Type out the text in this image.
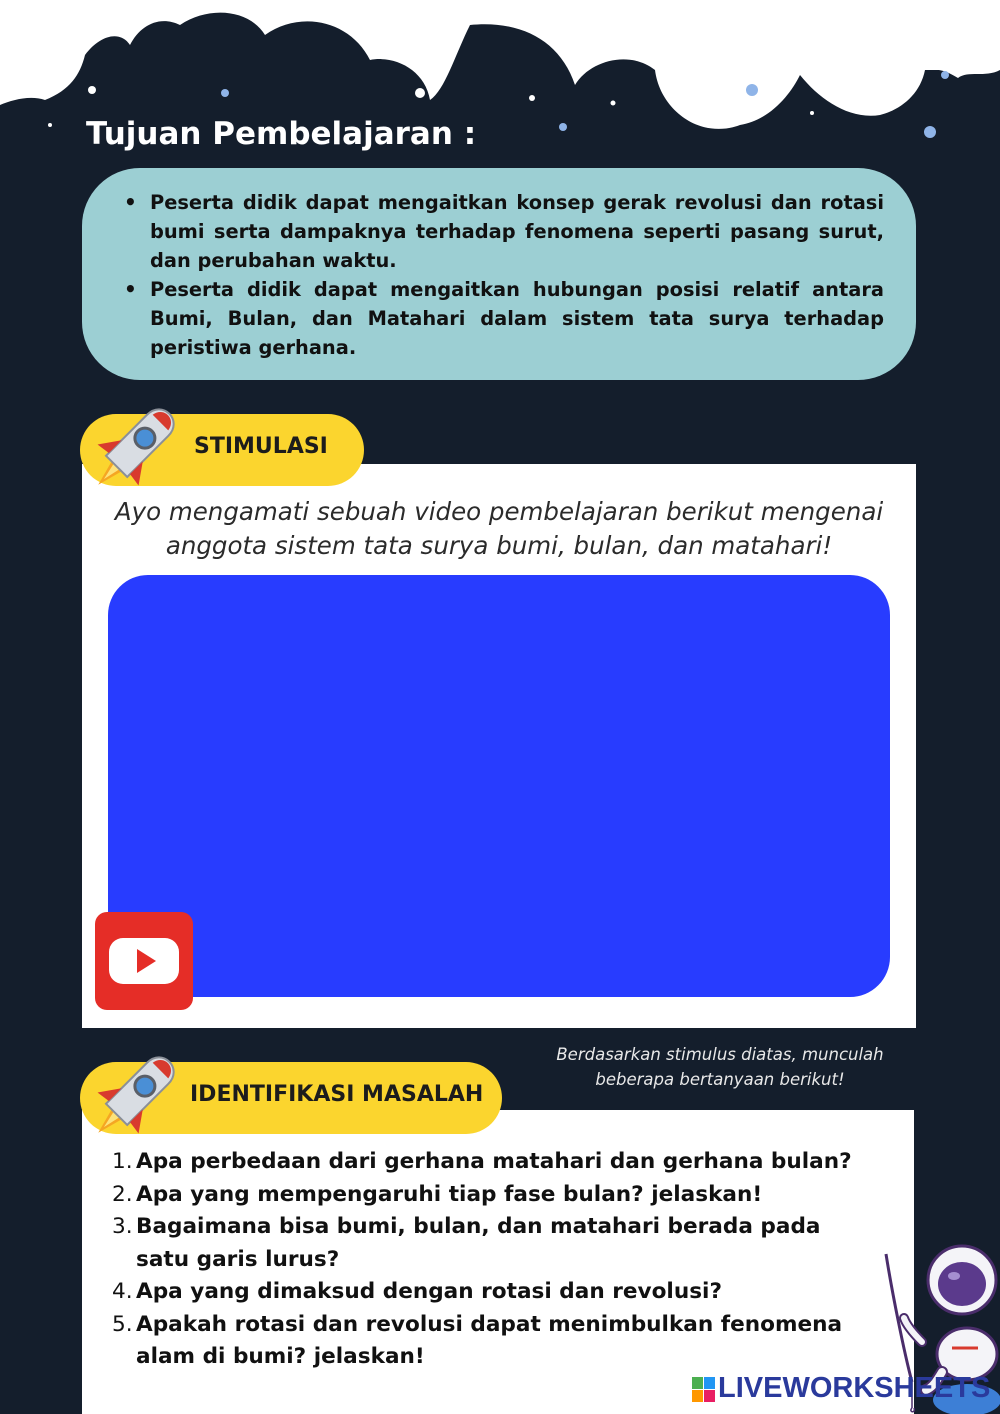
Tujuan Pembelajaran :
• Peserta didik dapat mengaitkan konsep gerak revolusi dan rotasi bumi serta dampaknya terhadap fenomena seperti pasang surut, dan perubahan waktu.
• Peserta didik dapat mengaitkan hubungan posisi relatif antara Bumi, Bulan, dan Matahari dalam sistem tata surya terhadap peristiwa gerhana.
STIMULASI
Ayo mengamati sebuah video pembelajaran berikut mengenai anggota sistem tata surya bumi, bulan, dan matahari!
Berdasarkan stimulus diatas, munculah beberapa bertanyaan berikut!
IDENTIFIKASI MASALAH
1. Apa perbedaan dari gerhana matahari dan gerhana bulan?
2. Apa yang mempengaruhi tiap fase bulan? jelaskan!
3. Bagaimana bisa bumi, bulan, dan matahari berada pada satu garis lurus?
4. Apa yang dimaksud dengan rotasi dan revolusi?
5. Apakah rotasi dan revolusi dapat menimbulkan fenomena alam di bumi? jelaskan!
LIVEWORKSHEETS
